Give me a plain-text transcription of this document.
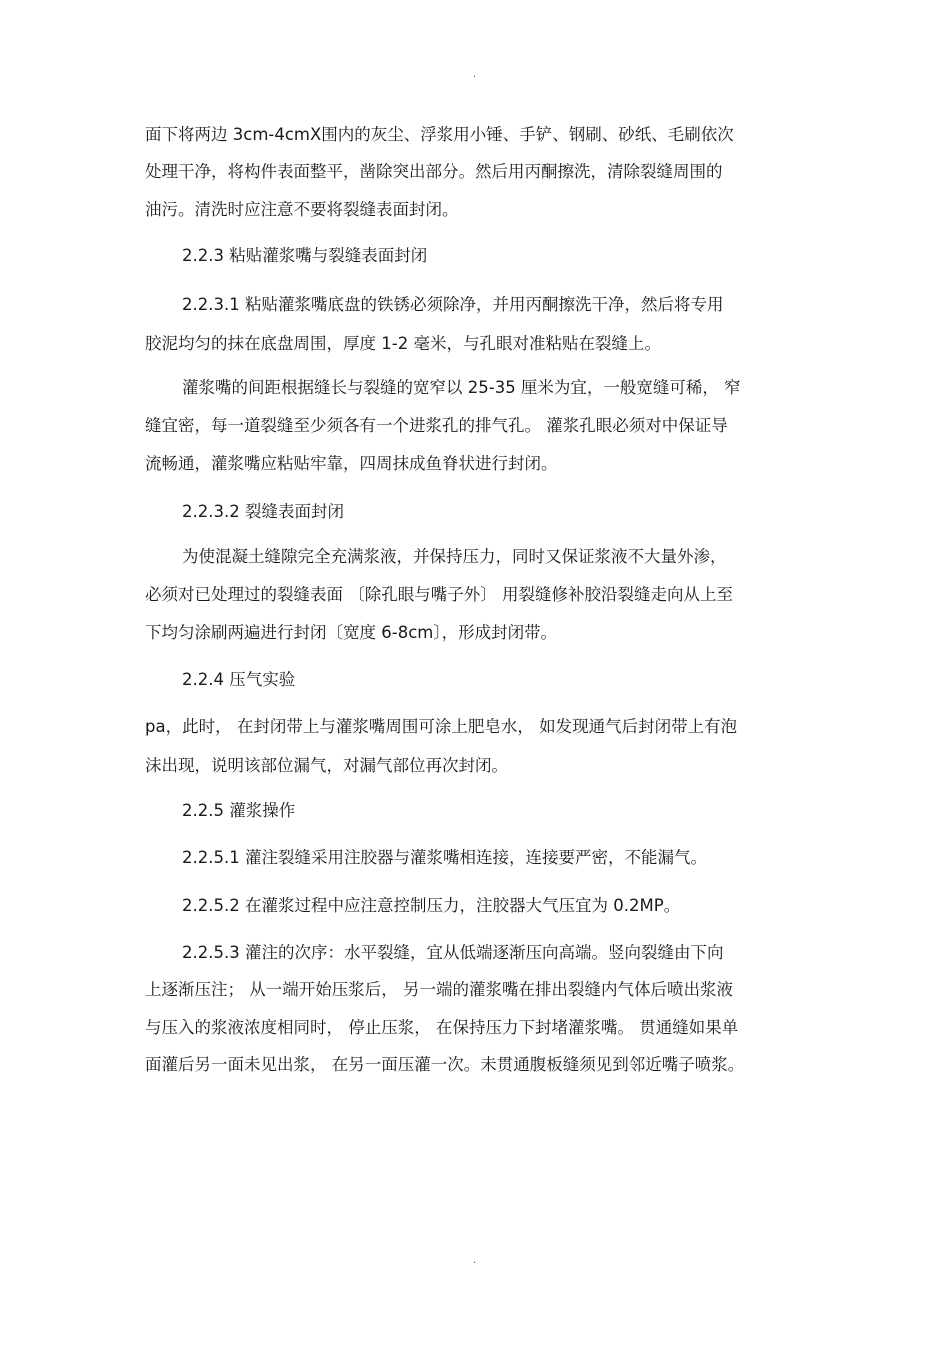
.
面下将两边 3cm-4cmX围内的灰尘、浮浆用小锤、手铲、钢刷、砂纸、毛刷依次
处理干净，将构件表面整平，凿除突出部分。然后用丙酮擦洗，清除裂缝周围的
油污。清洗时应注意不要将裂缝表面封闭。
2.2.3 粘贴灌浆嘴与裂缝表面封闭
2.2.3.1 粘贴灌浆嘴底盘的铁锈必须除净，并用丙酮擦洗干净，然后将专用
胶泥均匀的抹在底盘周围，厚度 1-2 毫米，与孔眼对准粘贴在裂缝上。
灌浆嘴的间距根据缝长与裂缝的宽窄以 25-35 厘米为宜，一般宽缝可稀， 窄
缝宜密，每一道裂缝至少须各有一个进浆孔的排气孔。 灌浆孔眼必须对中保证导
流畅通，灌浆嘴应粘贴牢靠，四周抹成鱼脊状进行封闭。
2.2.3.2 裂缝表面封闭
为使混凝土缝隙完全充满浆液，并保持压力，同时又保证浆液不大量外渗，
必须对已处理过的裂缝表面 〔除孔眼与嘴子外〕 用裂缝修补胶沿裂缝走向从上至
下均匀涂刷两遍进行封闭〔宽度 6-8cm〕，形成封闭带。
2.2.4 压气实验
pa，此时， 在封闭带上与灌浆嘴周围可涂上肥皂水， 如发现通气后封闭带上有泡
沫出现，说明该部位漏气，对漏气部位再次封闭。
2.2.5 灌浆操作
2.2.5.1 灌注裂缝采用注胶器与灌浆嘴相连接，连接要严密，不能漏气。
2.2.5.2 在灌浆过程中应注意控制压力，注胶器大气压宜为 0.2MP。
2.2.5.3 灌注的次序：水平裂缝，宜从低端逐渐压向高端。竖向裂缝由下向
上逐渐压注； 从一端开始压浆后， 另一端的灌浆嘴在排出裂缝内气体后喷出浆液
与压入的浆液浓度相同时， 停止压浆， 在保持压力下封堵灌浆嘴。 贯通缝如果单
面灌后另一面未见出浆， 在另一面压灌一次。未贯通腹板缝须见到邻近嘴子喷浆。
.
